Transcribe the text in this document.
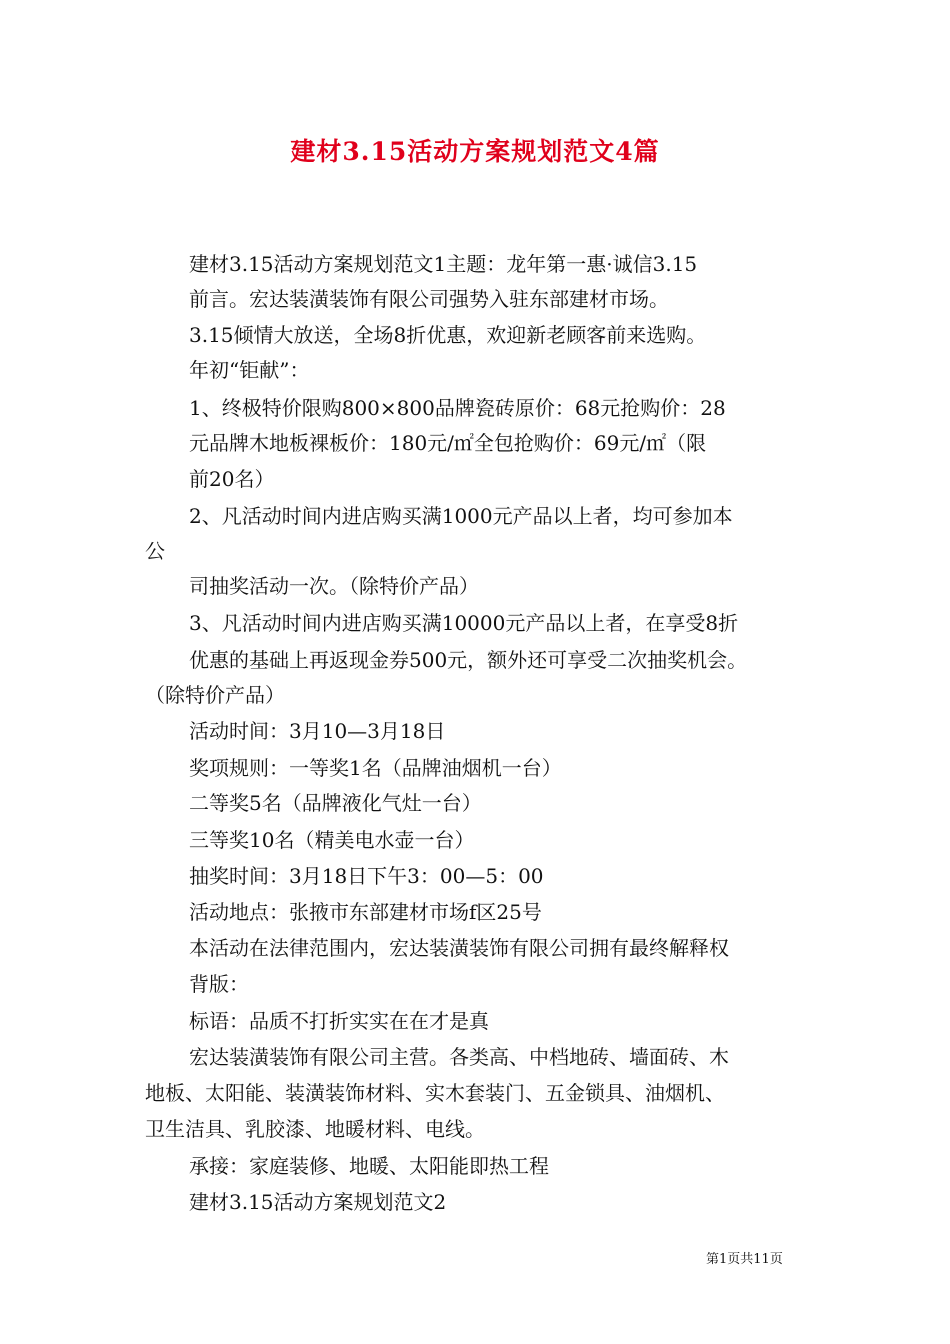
建材3.15活动方案规划范文4篇
建材3.15活动方案规划范文1主题：龙年第一惠·诚信3.15
前言。宏达装潢装饰有限公司强势入驻东部建材市场。
3.15倾情大放送，全场8折优惠，欢迎新老顾客前来选购。
年初“钜献”：
1、终极特价限购800×800品牌瓷砖原价：68元抢购价：28
元品牌木地板裸板价：180元/㎡全包抢购价：69元/㎡（限
前20名）
2、凡活动时间内进店购买满1000元产品以上者，均可参加本
公
司抽奖活动一次。（除特价产品）
3、凡活动时间内进店购买满10000元产品以上者，在享受8折
优惠的基础上再返现金券500元，额外还可享受二次抽奖机会。
（除特价产品）
活动时间：3月10—3月18日
奖项规则：一等奖1名（品牌油烟机一台）
二等奖5名（品牌液化气灶一台）
三等奖10名（精美电水壶一台）
抽奖时间：3月18日下午3：00—5：00
活动地点：张掖市东部建材市场f区25号
本活动在法律范围内，宏达装潢装饰有限公司拥有最终解释权
背版：
标语：品质不打折实实在在才是真
宏达装潢装饰有限公司主营。各类高、中档地砖、墙面砖、木
地板、太阳能、装潢装饰材料、实木套装门、五金锁具、油烟机、
卫生洁具、乳胶漆、地暖材料、电线。
承接：家庭装修、地暖、太阳能即热工程
建材3.15活动方案规划范文2
第1页共11页
